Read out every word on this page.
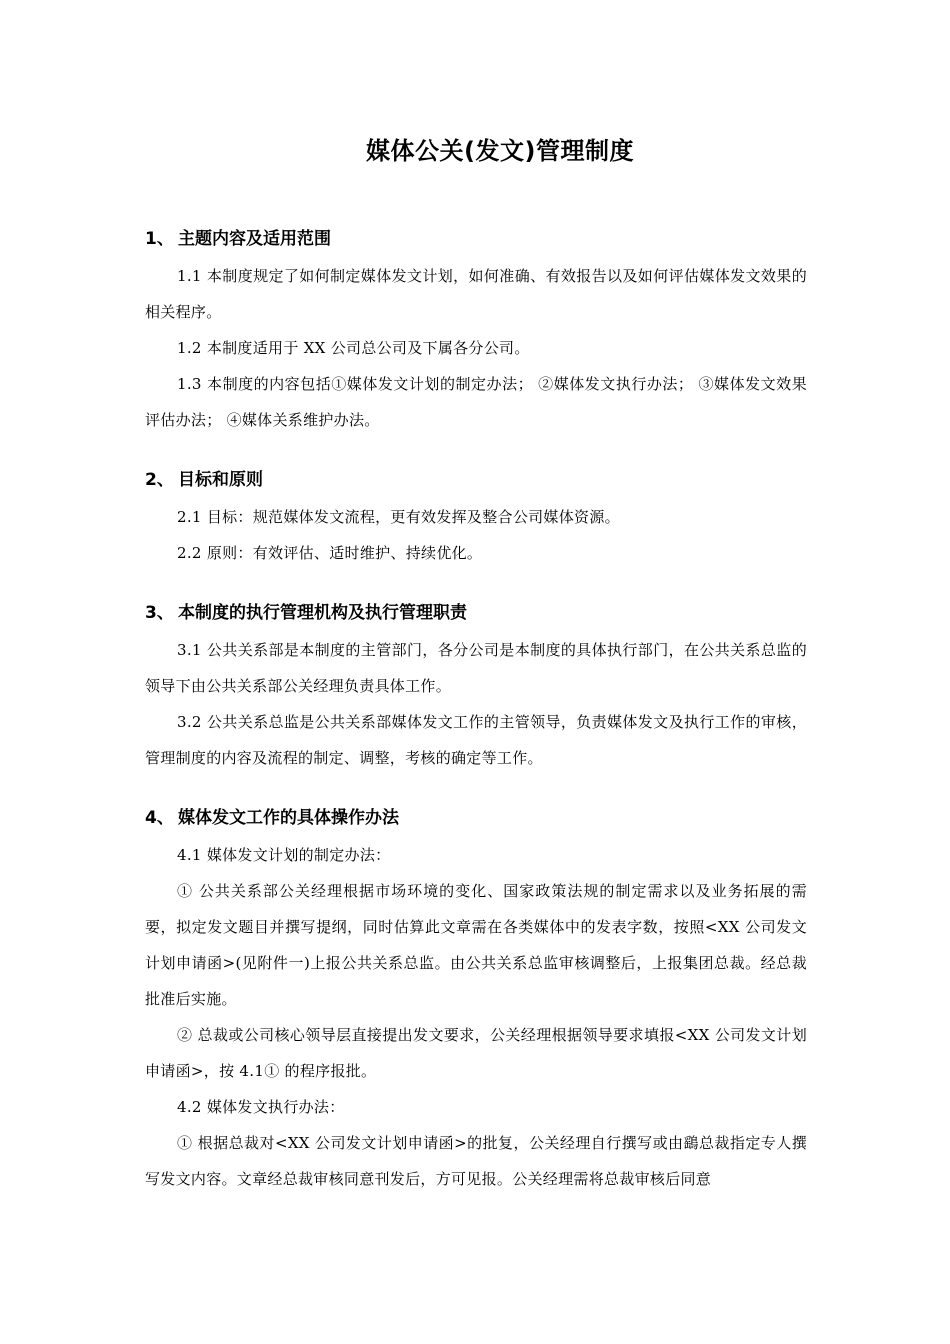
媒体公关(发文)管理制度
1、 主题内容及适用范围

1.1 本制度规定了如何制定媒体发文计划，如何准确、有效报告以及如何评估媒体发文效果的相关程序。

1.2 本制度适用于 XX 公司总公司及下属各分公司。

1.3 本制度的内容包括①媒体发文计划的制定办法； ②媒体发文执行办法； ③媒体发文效果评估办法； ④媒体关系维护办法。

2、 目标和原则

2.1 目标：规范媒体发文流程，更有效发挥及整合公司媒体资源。

2.2 原则：有效评估、适时维护、持续优化。

3、 本制度的执行管理机构及执行管理职责

3.1 公共关系部是本制度的主管部门，各分公司是本制度的具体执行部门，在公共关系总监的领导下由公共关系部公关经理负责具体工作。

3.2 公共关系总监是公共关系部媒体发文工作的主管领导，负责媒体发文及执行工作的审核，管理制度的内容及流程的制定、调整，考核的确定等工作。

4、 媒体发文工作的具体操作办法

4.1 媒体发文计划的制定办法：

① 公共关系部公关经理根据市场环境的变化、国家政策法规的制定需求以及业务拓展的需要，拟定发文题目并撰写提纲，同时估算此文章需在各类媒体中的发表字数，按照<XX 公司发文计划申请函>(见附件一)上报公共关系总监。由公共关系总监审核调整后，上报集团总裁。经总裁批准后实施。

② 总裁或公司核心领导层直接提出发文要求，公关经理根据领导要求填报<XX 公司发文计划申请函>，按 4.1① 的程序报批。

4.2 媒体发文执行办法：

① 根据总裁对<XX 公司发文计划申请函>的批复，公关经理自行撰写或由鷂总裁指定专人撰写发文内容。文章经总裁审核同意刊发后，方可见报。公关经理需将总裁审核后同意
